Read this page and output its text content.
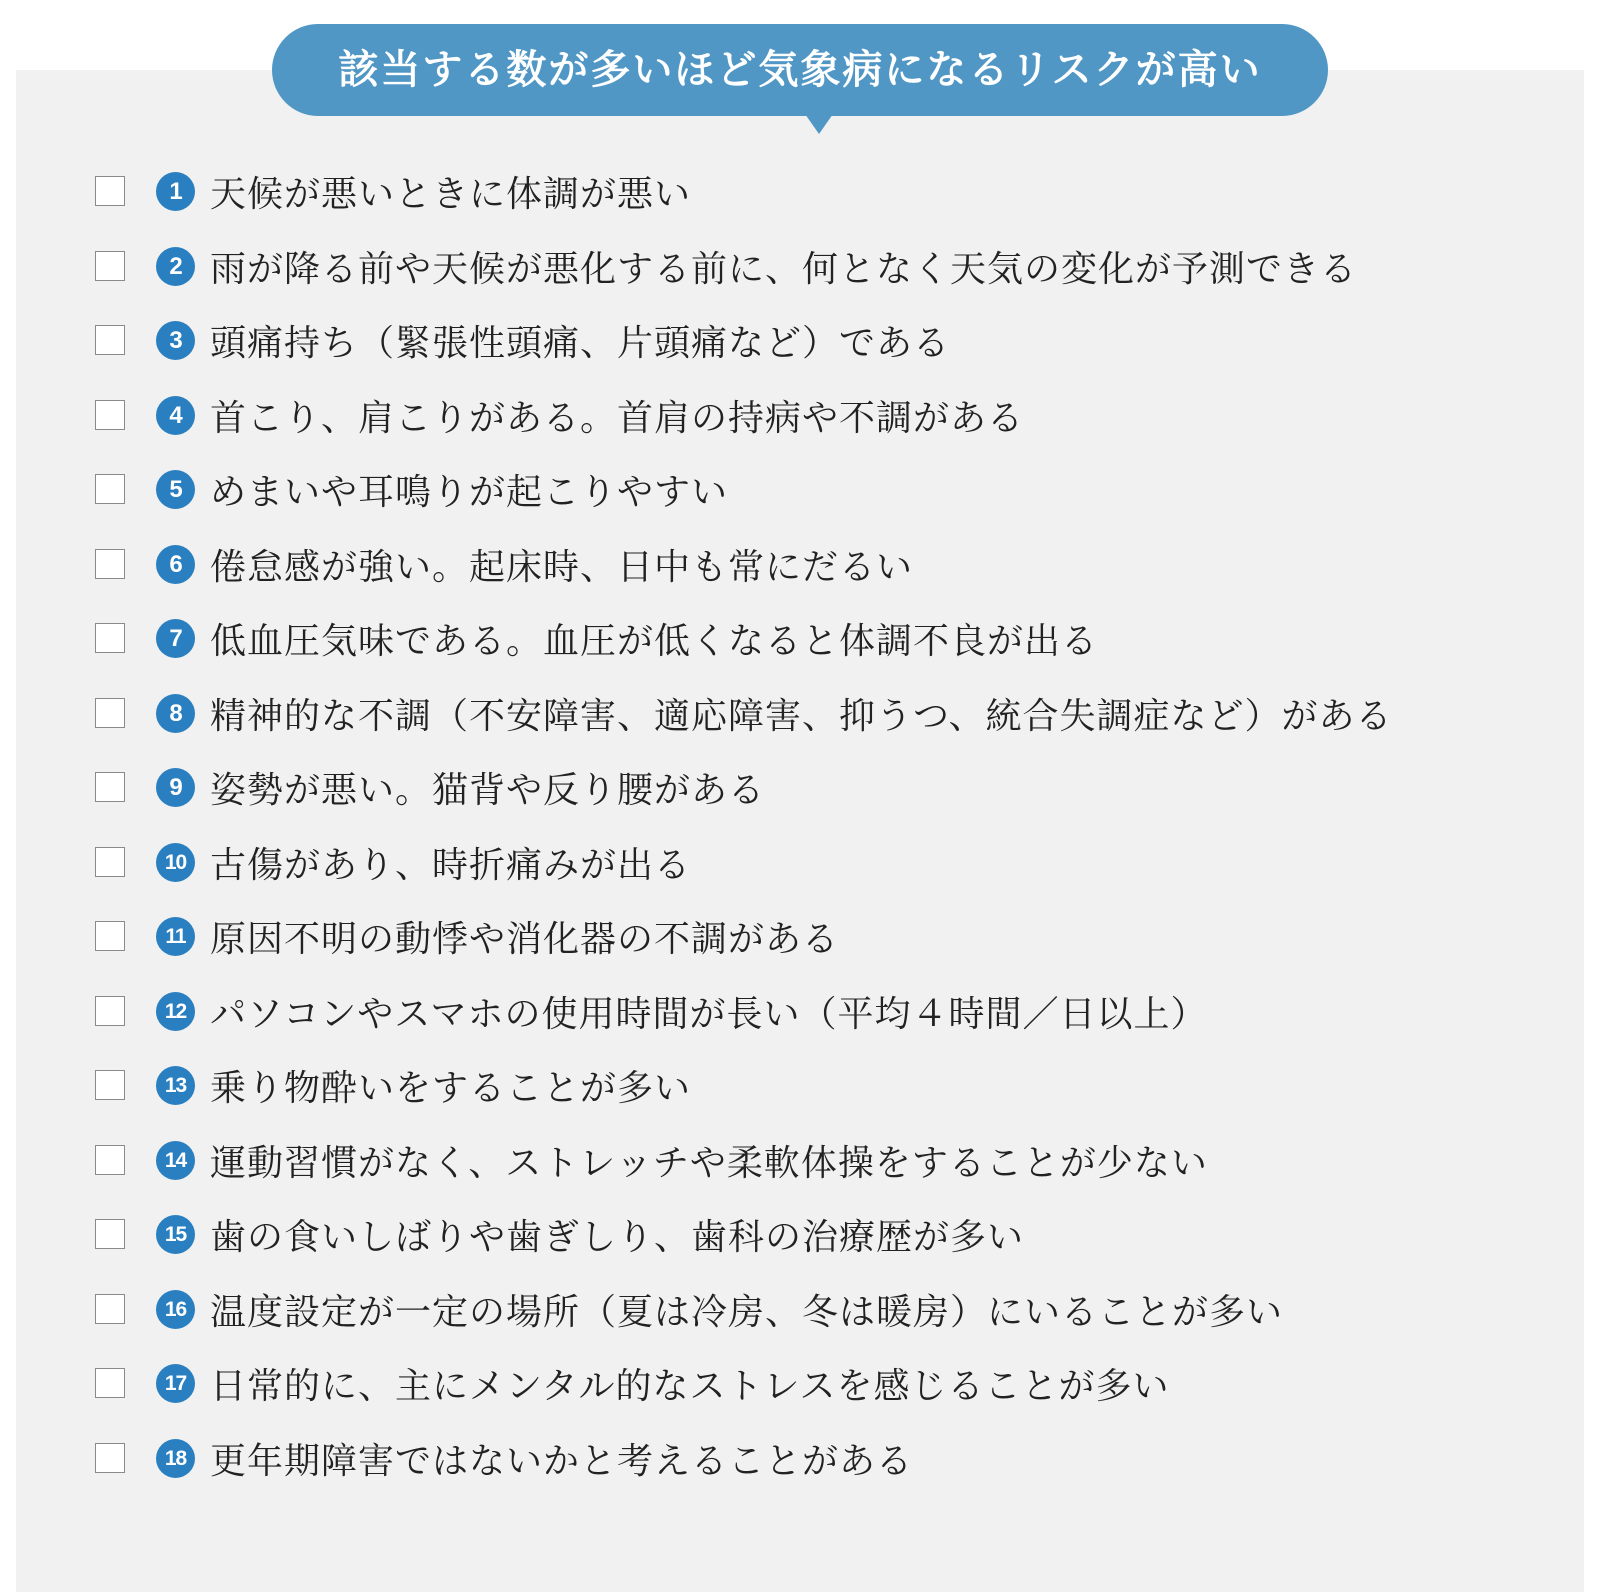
該当する数が多いほど気象病になるリスクが高い
1 天候が悪いときに体調が悪い
2 雨が降る前や天候が悪化する前に、何となく天気の変化が予測できる
3 頭痛持ち（緊張性頭痛、片頭痛など）である
4 首こり、肩こりがある。首肩の持病や不調がある
5 めまいや耳鳴りが起こりやすい
6 倦怠感が強い。起床時、日中も常にだるい
7 低血圧気味である。血圧が低くなると体調不良が出る
8 精神的な不調（不安障害、適応障害、抑うつ、統合失調症など）がある
9 姿勢が悪い。猫背や反り腰がある
10 古傷があり、時折痛みが出る
11 原因不明の動悸や消化器の不調がある
12 パソコンやスマホの使用時間が長い（平均４時間／日以上）
13 乗り物酔いをすることが多い
14 運動習慣がなく、ストレッチや柔軟体操をすることが少ない
15 歯の食いしばりや歯ぎしり、歯科の治療歴が多い
16 温度設定が一定の場所（夏は冷房、冬は暖房）にいることが多い
17 日常的に、主にメンタル的なストレスを感じることが多い
18 更年期障害ではないかと考えることがある
